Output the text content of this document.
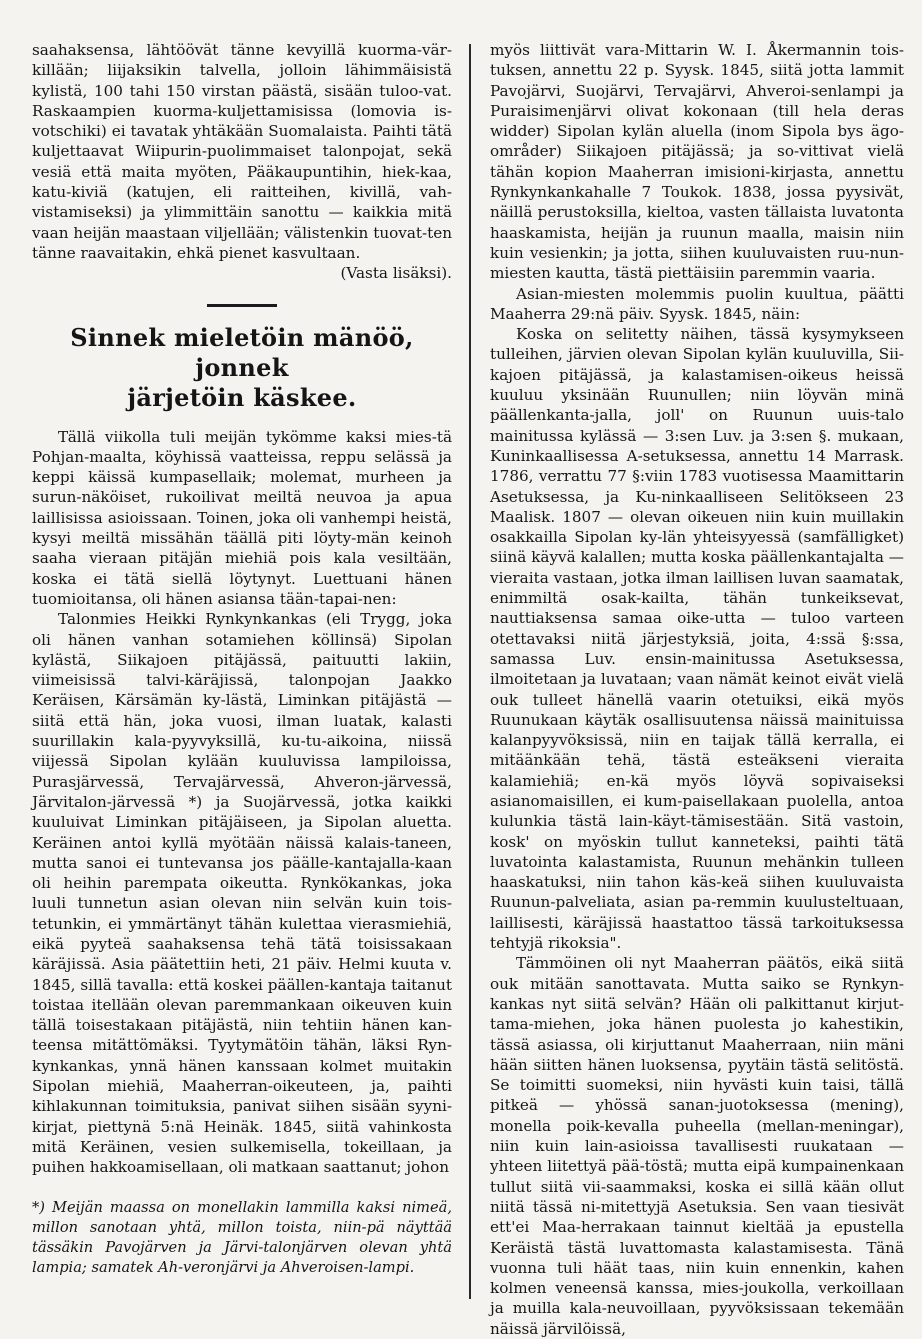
saahaksensa, lähtöövät tänne kevyillä kuorma-vär-killään; liijaksikin talvella, jolloin lähimmäisistä kylistä, 100 tahi 150 virstan päästä, sisään tuloo-vat. Raskaampien kuorma-kuljettamisissa (lomovia is-votschiki) ei tavatak yhtäkään Suomalaista. Paihti tätä kuljettaavat Wiipurin-puolimmaiset talonpojat, sekä vesiä että maita myöten, Pääkaupuntihin, hiek-kaa, katu-kiviä (katujen, eli raitteihen, kivillä, vah-vistamiseksi) ja ylimmittäin sanottu — kaikkia mitä vaan heijän maastaan viljellään; välistenkin tuovat-ten tänne raavaitakin, ehkä pienet kasvultaan.

(Vasta lisäksi).

Sinnek mieletöin mänöö, jonnek
järjetöin käskee.

Tällä viikolla tuli meijän tykömme kaksi mies-tä Pohjan-maalta, köyhissä vaatteissa, reppu selässä ja keppi käissä kumpasellaik; molemat, murheen ja surun-näköiset, rukoilivat meiltä neuvoa ja apua laillisissa asioissaan. Toinen, joka oli vanhempi heistä, kysyi meiltä missähän täällä piti löyty-män keinoh saaha vieraan pitäjän miehiä pois kala vesiltään, koska ei tätä siellä löytynyt. Luettuani hänen tuomioitansa, oli hänen asiansa tään-tapai-nen:

Talonmies Heikki Rynkynkankas (eli Trygg, joka oli hänen vanhan sotamiehen köllinsä) Sipolan kylästä, Siikajoen pitäjässä, paituutti lakiin, viimeisissä talvi-käräjissä, talonpojan Jaakko Keräisen, Kärsämän ky-lästä, Liminkan pitäjästä — siitä että hän, joka vuosi, ilman luatak, kalasti suurillakin kala-pyyvyksillä, ku-tu-aikoina, niissä viijessä Sipolan kylään kuuluvissa lampiloissa, Purasjärvessä, Tervajärvessä, Ahveron-järvessä, Järvitalon-järvessä *) ja Suojärvessä, jotka kaikki kuuluivat Liminkan pitäjäiseen, ja Sipolan aluetta. Keräinen antoi kyllä myötään näissä kalais-taneen, mutta sanoi ei tuntevansa jos päälle-kantajalla-kaan oli heihin parempata oikeutta. Rynkökankas, joka luuli tunnetun asian olevan niin selvän kuin tois-tetunkin, ei ymmärtänyt tähän kulettaa vierasmiehiä, eikä pyyteä saahaksensa tehä tätä toisissakaan käräjissä. Asia päätettiin heti, 21 päiv. Helmi kuuta v. 1845, sillä tavalla: että koskei päällen-kantaja taitanut toistaa itellään olevan paremmankaan oikeuven kuin tällä toisestakaan pitäjästä, niin tehtiin hänen kan-teensa mitättömäksi. Tyytymätöin tähän, läksi Ryn-kynkankas, ynnä hänen kanssaan kolmet muitakin Sipolan miehiä, Maaherran-oikeuteen, ja, paihti kihlakunnan toimituksia, panivat siihen sisään syyni-kirjat, piettynä 5:nä Heinäk. 1845, siitä vahinkosta mitä Keräinen, vesien sulkemisella, tokeillaan, ja puihen hakkoamisellaan, oli matkaan saattanut; johon

*) Meijän maassa on monellakin lammilla kaksi nimeä, millon sanotaan yhtä, millon toista, niin-pä näyttää tässäkin Pavojärven ja Järvi-talonjärven olevan yhtä lampia; samatek Ah-veronjärvi ja Ahveroisen-lampi.

myös liittivät vara-Mittarin W. I. Åkermannin tois-tuksen, annettu 22 p. Syysk. 1845, siitä jotta lammit Pavojärvi, Suojärvi, Tervajärvi, Ahveroi-senlampi ja Puraisimenjärvi olivat kokonaan (till hela deras widder) Sipolan kylän aluella (inom Sipola bys ägo-områder) Siikajoen pitäjässä; ja so-vittivat vielä tähän kopion Maaherran imisioni-kirjasta, annettu Rynkynkankahalle 7 Toukok. 1838, jossa pyysivät, näillä perustoksilla, kieltoa, vasten tällaista luvatonta haaskamista, heijän ja ruunun maalla, maisin niin kuin vesienkin; ja jotta, siihen kuuluvaisten ruu-nun-miesten kautta, tästä piettäisiin paremmin vaaria.

Asian-miesten molemmis puolin kuultua, päätti Maaherra 29:nä päiv. Syysk. 1845, näin:

Koska on selitetty näihen, tässä kysymykseen tulleihen, järvien olevan Sipolan kylän kuuluvilla, Sii-kajoen pitäjässä, ja kalastamisen-oikeus heissä kuuluu yksinään Ruunullen; niin löyvän minä päällenkanta-jalla, joll' on Ruunun uuis-talo mainitussa kylässä — 3:sen Luv. ja 3:sen §. mukaan, Kuninkaallisessa A-setuksessa, annettu 14 Marrask. 1786, verrattu 77 §:viin 1783 vuotisessa Maamittarin Asetuksessa, ja Ku-ninkaalliseen Selitökseen 23 Maalisk. 1807 — olevan oikeuen niin kuin muillakin osakkailla Sipolan ky-län yhteisyyessä (samfälligket) siinä käyvä kalallen; mutta koska päällenkantajalta — vieraita vastaan, jotka ilman laillisen luvan saamatak, enimmiltä osak-kailta, tähän tunkeiksevat, nauttiaksensa samaa oike-utta — tuloo varteen otettavaksi niitä järjestyksiä, joita, 4:ssä §:ssa, samassa Luv. ensin-mainitussa Asetuksessa, ilmoitetaan ja luvataan; vaan nämät keinot eivät vielä ouk tulleet hänellä vaarin otetuiksi, eikä myös Ruunukaan käytäk osallisuutensa näissä mainituissa kalanpyyvöksissä, niin en taijak tällä kerralla, ei mitäänkään tehä, tästä esteäkseni vieraita kalamiehiä; en-kä myös löyvä sopivaiseksi asianomaisillen, ei kum-paisellakaan puolella, antoa kulunkia tästä lain-käyt-tämisestään. Sitä vastoin, kosk' on myöskin tullut kanneteksi, paihti tätä luvatointa kalastamista, Ruunun mehänkin tulleen haaskatuksi, niin tahon käs-keä siihen kuuluvaista Ruunun-palveliata, asian pa-remmin kuulusteltuaan, laillisesti, käräjissä haastattoo tässä tarkoituksessa tehtyjä rikoksia".

Tämmöinen oli nyt Maaherran päätös, eikä siitä ouk mitään sanottavata. Mutta saiko se Rynkyn-kankas nyt siitä selvän? Hään oli palkittanut kirjut-tama-miehen, joka hänen puolesta jo kahestikin, tässä asiassa, oli kirjuttanut Maaherraan, niin mäni hään siitten hänen luoksensa, pyytäin tästä selitöstä. Se toimitti suomeksi, niin hyvästi kuin taisi, tällä pitkeä — yhössä sanan-juotoksessa (mening), monella poik-kevalla puheella (mellan-meningar), niin kuin lain-asioissa tavallisesti ruukataan — yhteen liitettyä pää-töstä; mutta eipä kumpainenkaan tullut siitä vii-saammaksi, koska ei sillä kään ollut niitä tässä ni-mitettyjä Asetuksia. Sen vaan tiesivät ett'ei Maa-herrakaan tainnut kieltää ja epustella Keräistä tästä luvattomasta kalastamisesta. Tänä vuonna tuli häät taas, niin kuin ennenkin, kahen kolmen veneensä kanssa, mies-joukolla, verkoillaan ja muilla kala-neuvoillaan, pyyvöksissaan tekemään näissä järvilöissä,
